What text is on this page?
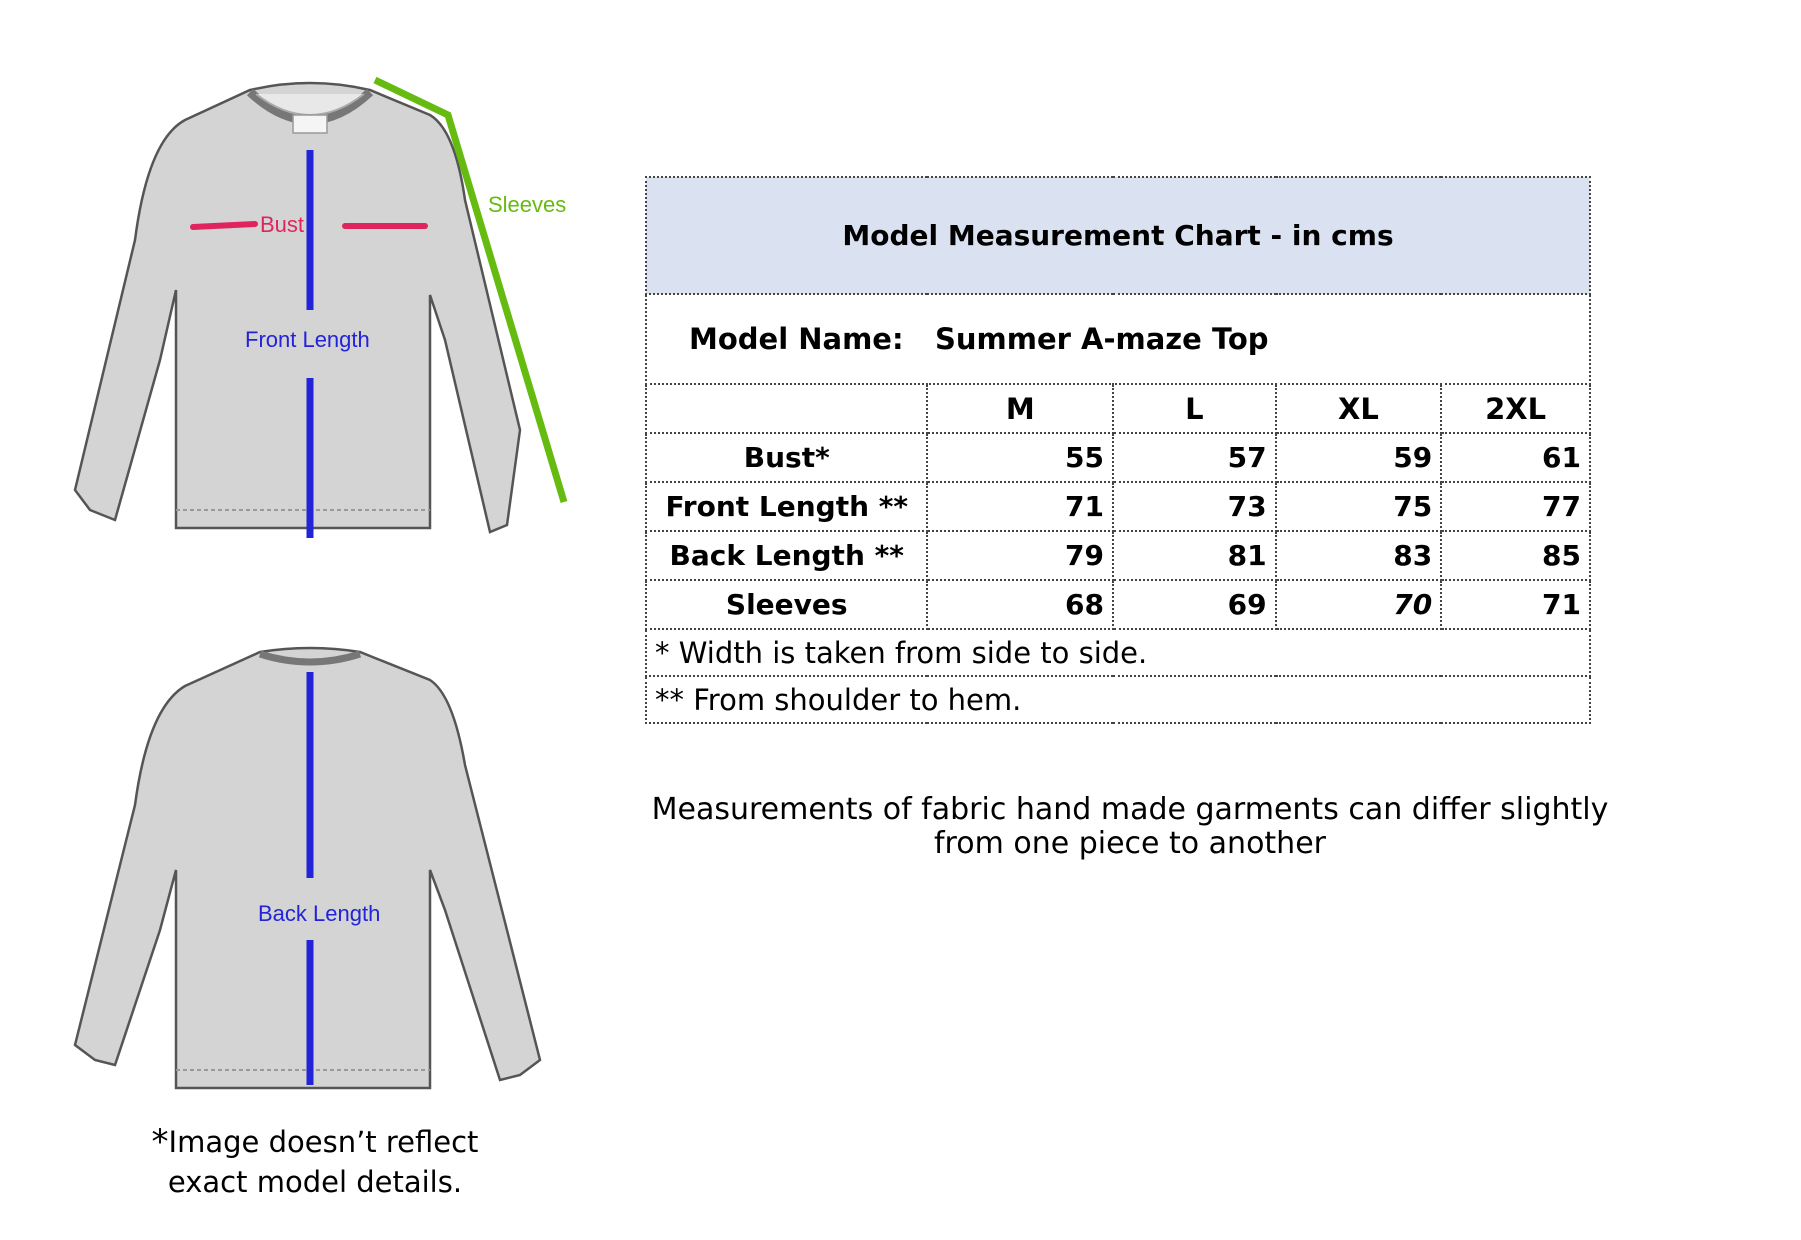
Bust
Front Length
Sleeves
Back Length
Model Measurement Chart - in cms				
Model Name: Summer A-maze Top				
	M	L	XL	2XL
Bust*	55	57	59	61
Front Length **	71	73	75	77
Back Length **	79	81	83	85
Sleeves	68	69	70	71
* Width is taken from side to side.				
** From shoulder to hem.				
Measurements of fabric hand made garments can differ slightly
from one piece to another
*Image doesn’t reflect
exact model details.
